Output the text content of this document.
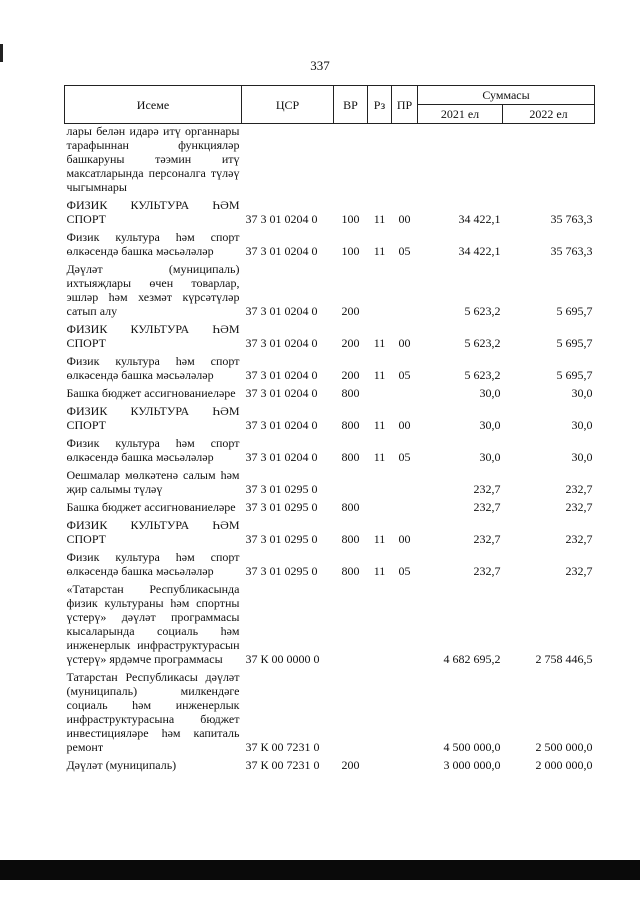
337
Исеме	ЦСР	ВР	Рз	ПР	Суммасы	
					2021 ел	2022 ел
лары белән идарә итү органнары тарафыннан функцияләр башкаруны тәэмин итү максатларында персоналга түләү чыгымнары						
ФИЗИК КУЛЬТУРА ҺӘМ СПОРТ	37 3 01 0204 0	100	11	00	34 422,1	35 763,3
Физик культура һәм спорт өлкәсендә башка мәсьәләләр	37 3 01 0204 0	100	11	05	34 422,1	35 763,3
Дәүләт (муниципаль) ихтыяҗлары өчен товарлар, эшләр һәм хезмәт күрсәтүләр сатып алу	37 3 01 0204 0	200			5 623,2	5 695,7
ФИЗИК КУЛЬТУРА ҺӘМ СПОРТ	37 3 01 0204 0	200	11	00	5 623,2	5 695,7
Физик культура һәм спорт өлкәсендә башка мәсьәләләр	37 3 01 0204 0	200	11	05	5 623,2	5 695,7
Башка бюджет ассигнованиеләре	37 3 01 0204 0	800			30,0	30,0
ФИЗИК КУЛЬТУРА ҺӘМ СПОРТ	37 3 01 0204 0	800	11	00	30,0	30,0
Физик культура һәм спорт өлкәсендә башка мәсьәләләр	37 3 01 0204 0	800	11	05	30,0	30,0
Оешмалар мөлкәтенә салым һәм җир салымы түләү	37 3 01 0295 0				232,7	232,7
Башка бюджет ассигнованиеләре	37 3 01 0295 0	800			232,7	232,7
ФИЗИК КУЛЬТУРА ҺӘМ СПОРТ	37 3 01 0295 0	800	11	00	232,7	232,7
Физик культура һәм спорт өлкәсендә башка мәсьәләләр	37 3 01 0295 0	800	11	05	232,7	232,7
«Татарстан Республикасында физик культураны һәм спортны үстерү» дәүләт программасы кысаларында социаль һәм инженерлык инфраструктурасын үстерү» ярдәмче программасы	37 К 00 0000 0				4 682 695,2	2 758 446,5
Татарстан Республикасы дәүләт (муниципаль) милкендәге социаль һәм инженерлык инфраструктурасына бюджет инвестицияләре һәм капиталь ремонт	37 К 00 7231 0				4 500 000,0	2 500 000,0
Дәүләт (муниципаль)	37 К 00 7231 0	200			3 000 000,0	2 000 000,0
